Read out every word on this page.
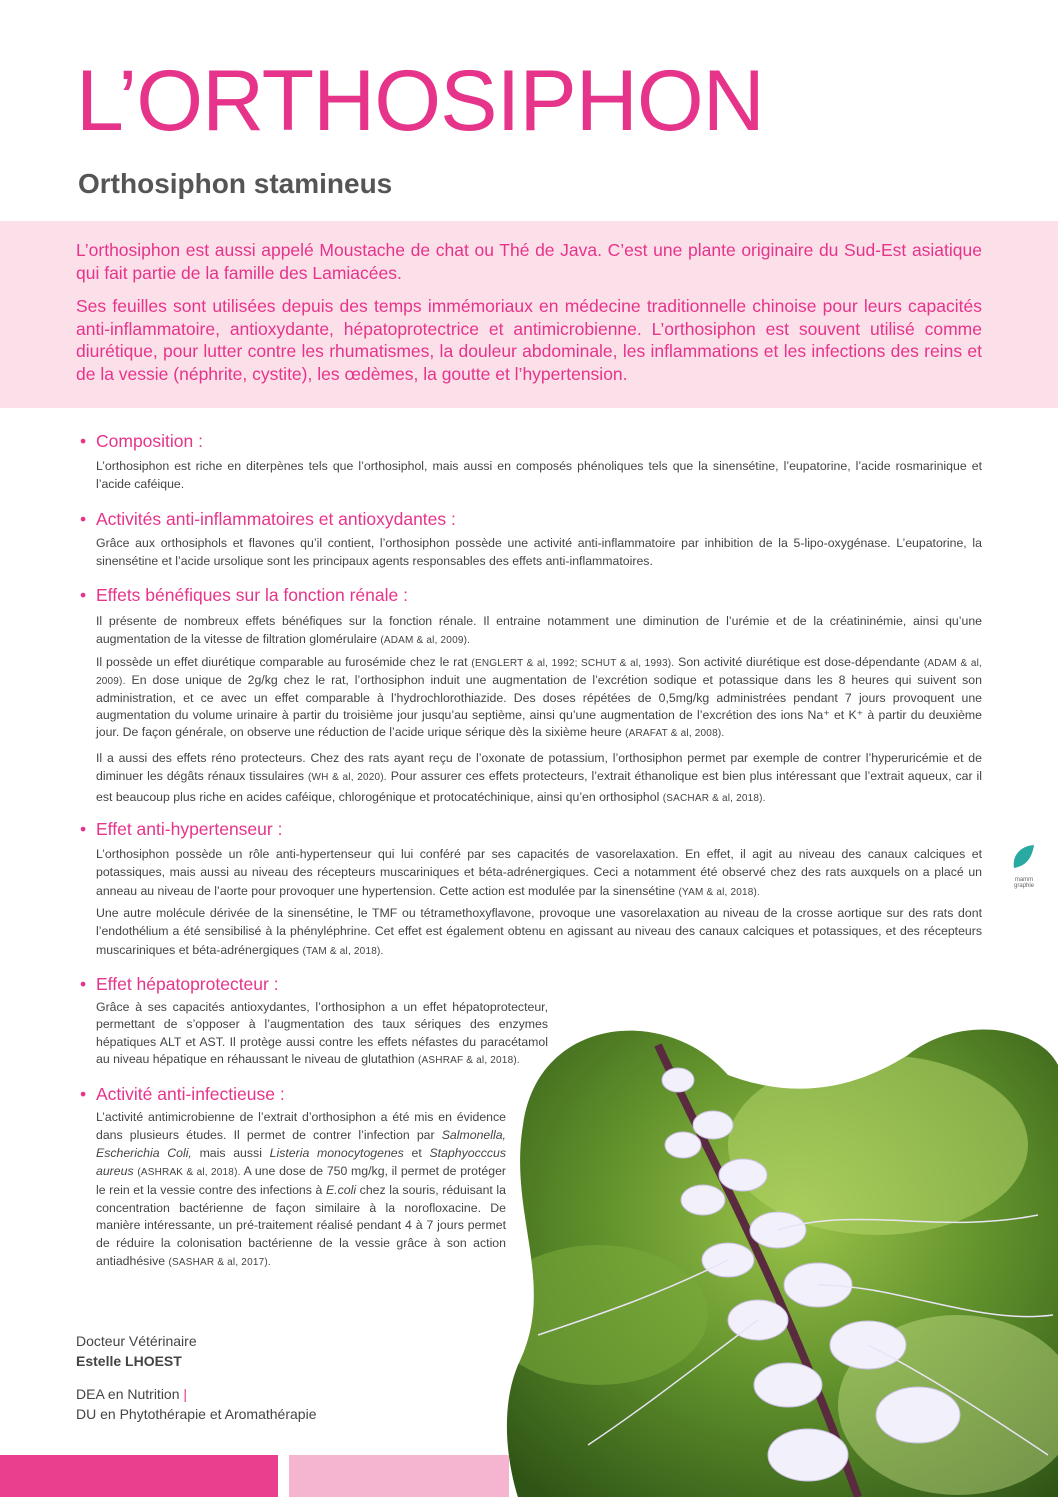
L’ORTHOSIPHON
Orthosiphon stamineus

L’orthosiphon est aussi appelé Moustache de chat ou Thé de Java. C’est une plante originaire du Sud-Est asiatique qui fait partie de la famille des Lamiacées.

Ses feuilles sont utilisées depuis des temps immémoriaux en médecine traditionnelle chinoise pour leurs capacités anti-inflammatoire, antioxydante, hépatoprotectrice et antimicrobienne. L’orthosiphon est souvent utilisé comme diurétique, pour lutter contre les rhumatismes, la douleur abdominale, les inflammations et les infections des reins et de la vessie (néphrite, cystite), les œdèmes, la goutte et l’hypertension.

• Composition :

L’orthosiphon est riche en diterpènes tels que l’orthosiphol, mais aussi en composés phénoliques tels que la sinensétine, l’eupatorine, l’acide rosmarinique et l’acide caféique.

• Activités anti-inflammatoires et antioxydantes :

Grâce aux orthosiphols et flavones qu’il contient, l’orthosiphon possède une activité anti-inflammatoire par inhibition de la 5-lipo-oxygénase. L’eupatorine, la sinensétine et l’acide ursolique sont les principaux agents responsables des effets anti-inflammatoires.

• Effets bénéfiques sur la fonction rénale :

Il présente de nombreux effets bénéfiques sur la fonction rénale. Il entraine notamment une diminution de l’urémie et de la créatininémie, ainsi qu’une augmentation de la vitesse de filtration glomérulaire (ADAM & al, 2009).

Il possède un effet diurétique comparable au furosémide chez le rat (ENGLERT & al, 1992; SCHUT & al, 1993). Son activité diurétique est dose-dépendante (ADAM & al, 2009). En dose unique de 2g/kg chez le rat, l’orthosiphon induit une augmentation de l’excrétion sodique et potassique dans les 8 heures qui suivent son administration, et ce avec un effet comparable à l’hydrochlorothiazide. Des doses répétées de 0,5mg/kg administrées pendant 7 jours provoquent une augmentation du volume urinaire à partir du troisième jour jusqu’au septième, ainsi qu’une augmentation de l’excrétion des ions Na⁺ et K⁺ à partir du deuxième jour. De façon générale, on observe une réduction de l’acide urique sérique dès la sixième heure (ARAFAT & al, 2008).

Il a aussi des effets réno protecteurs. Chez des rats ayant reçu de l’oxonate de potassium, l’orthosiphon permet par exemple de contrer l’hyperuricémie et de diminuer les dégâts rénaux tissulaires (WH & al, 2020). Pour assurer ces effets protecteurs, l’extrait éthanolique est bien plus intéressant que l’extrait aqueux, car il est beaucoup plus riche en acides caféique, chlorogénique et protocatéchinique, ainsi qu’en orthosiphol (SACHAR & al, 2018).

• Effet anti-hypertenseur :

L’orthosiphon possède un rôle anti-hypertenseur qui lui conféré par ses capacités de vasorelaxation. En effet, il agit au niveau des canaux calciques et potassiques, mais aussi au niveau des récepteurs muscariniques et béta-adrénergiques. Ceci a notamment été observé chez des rats auxquels on a placé un anneau au niveau de l’aorte pour provoquer une hypertension. Cette action est modulée par la sinensétine (YAM & al, 2018).

Une autre molécule dérivée de la sinensétine, le TMF ou tétramethoxyflavone, provoque une vasorelaxation au niveau de la crosse aortique sur des rats dont l’endothélium a été sensibilisé à la phényléphrine. Cet effet est également obtenu en agissant au niveau des canaux calciques et potassiques, et des récepteurs muscariniques et béta-adrénergiques (TAM & al, 2018).

• Effet hépatoprotecteur :

Grâce à ses capacités antioxydantes, l’orthosiphon a un effet hépatoprotecteur, permettant de s’opposer à l’augmentation des taux sériques des enzymes hépatiques ALT et AST. Il protège aussi contre les effets néfastes du paracétamol au niveau hépatique en réhaussant le niveau de glutathion (ASHRAF & al, 2018).

• Activité anti-infectieuse :

L’activité antimicrobienne de l’extrait d’orthosiphon a été mis en évidence dans plusieurs études. Il permet de contrer l’infection par Salmonella, Escherichia Coli, mais aussi Listeria monocytogenes et Staphyocccus aureus (ASHRAK & al, 2018). A une dose de 750 mg/kg, il permet de protéger le rein et la vessie contre des infections à E.coli chez la souris, réduisant la concentration bactérienne de façon similaire à la norofloxacine. De manière intéressante, un pré-traitement réalisé pendant 4 à 7 jours permet de réduire la colonisation bactérienne de la vessie grâce à son action antiadhésive (SASHAR & al, 2017).

mamm graphie
Docteur Vétérinaire
Estelle LHOEST
DEA en Nutrition |
DU en Phytothérapie et Aromathérapie
